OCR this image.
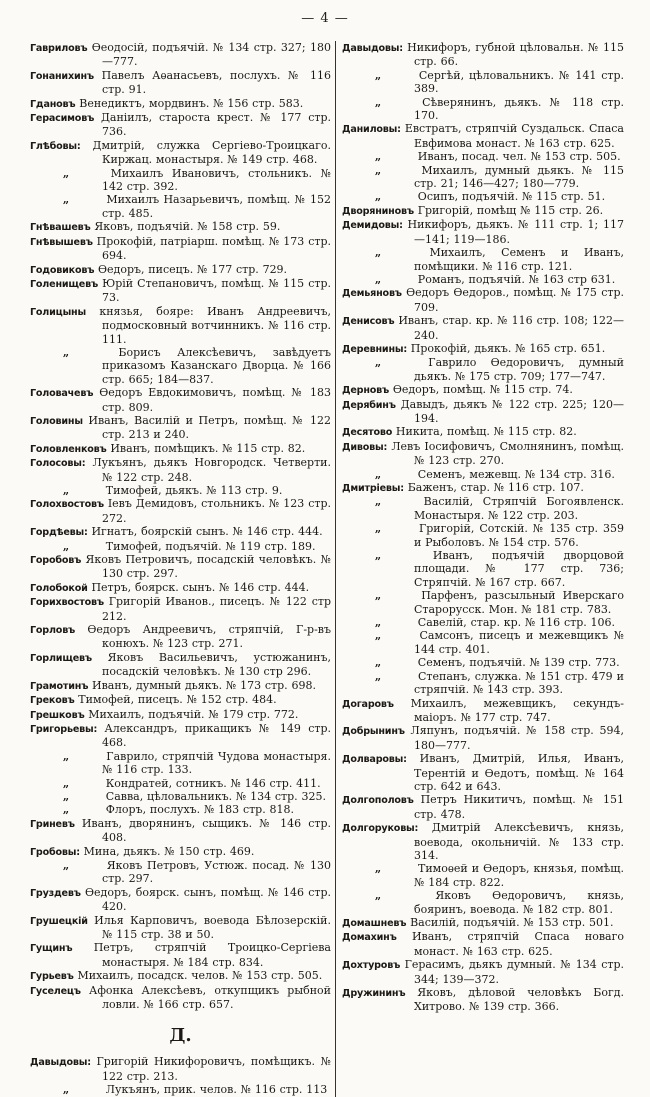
— 4 —

Гавриловъ Ѳеодосій, подъячій. № 134 стр. 327; 180—777.

Гонанихинъ Павелъ Аѳанасьевъ, послухъ. № 116 стр. 91.

Гдановъ Венедиктъ, мордвинъ. № 156 стр. 583.

Герасимовъ Даніилъ, староста крест. № 177 стр. 736.

Глѣбовы: Дмитрій, служка Сергіево-Троицкаго. Киржац. монастыря. № 149 стр. 468.

„	Михаилъ Ивановичъ, стольникъ. № 142 стр. 392.

„	Михаилъ Назарьевичъ, помѣщ. № 152 стр. 485.

Гнѣвашевъ Яковъ, подъячій. № 158 стр. 59.

Гнѣвышевъ Прокофій, патріарш. помѣщ. № 173 стр. 694.

Годовиковъ Ѳедоръ, писецъ. № 177 стр. 729.

Голенищевъ Юрій Степановичъ, помѣщ. № 115 стр. 73.

Голицыны князья, бояре: Иванъ Андреевичъ, подмосковный вотчинникъ. № 116 стр. 111.

„	Борисъ Алексѣевичъ, завѣдуетъ приказомъ Казанскаго Дворца. № 166 стр. 665; 184—837.

Головачевъ Ѳедоръ Евдокимовичъ, помѣщ. № 183 стр. 809.

Головины Иванъ, Василій и Петръ, помѣщ. № 122 стр. 213 и 240.

Головленковъ Иванъ, помѣщикъ. № 115 стр. 82.

Голосовы: Лукъянъ, дьякъ Новгородск. Четверти. № 122 стр. 248.

„	Тимофей, дьякъ. № 113 стр. 9.

Голохвостовъ Іевъ Демидовъ, стольникъ. № 123 стр. 272.

Гордѣевы: Игнатъ, боярскій сынъ. № 146 стр. 444.

„	Тимофей, подъячій. № 119 стр. 189.

Горобовъ Яковъ Петровичъ, посадскій человѣкъ. № 130 стр. 297.

Голобокой Петръ, боярск. сынъ. № 146 стр. 444.

Горихвостовъ Григорій Иванов., писецъ. № 122 стр 212.

Горловъ Ѳедоръ Андреевичъ, стряпчій, Г-р-въ конюхъ. № 123 стр. 271.

Горлищевъ Яковъ Васильевичъ, устюжанинъ, посадскій человѣкъ. № 130 стр 296.

Грамотинъ Иванъ, думный дьякъ. № 173 стр. 698.

Грековъ Тимофей, писецъ. № 152 стр. 484.

Грешковъ Михаилъ, подъячій. № 179 стр. 772.

Григорьевы: Александръ, прикащикъ № 149 стр. 468.

„	Гаврило, стряпчій Чудова монастыря. № 116 стр. 133.

„	Кондратей, сотникъ. № 146 стр. 411.

„	Савва, цѣловальникъ. № 134 стр. 325.

„	Флоръ, послухъ. № 183 стр. 818.

Гриневъ Иванъ, дворянинъ, сыщикъ. № 146 стр. 408.

Гробовы: Мина, дьякъ. № 150 стр. 469.

„	Яковъ Петровъ, Устюж. посад. № 130 стр. 297.

Груздевъ Ѳедоръ, боярск. сынъ, помѣщ. № 146 стр. 420.

Грушецкій Илья Карповичъ, воевода Бѣлозерскій. № 115 стр. 38 и 50.

Гущинъ Петръ, стряпчій Троицко-Сергіева монастыря. № 184 стр. 834.

Гурьевъ Михаилъ, посадск. челов. № 153 стр. 505.

Гуселецъ Афонка Алексѣевъ, откупщикъ рыбной ловли. № 166 стр. 657.

Д.

Давыдовы: Григорій Никифоровичъ, помѣщикъ. № 122 стр. 213.

„	Лукъянъ, прик. челов. № 116 стр. 113

Давыдовы: Никифоръ, губной цѣловальн. № 115 стр. 66.

„	Сергѣй, цѣловальникъ. № 141 стр. 389.

„	Сѣверянинъ, дьякъ. № 118 стр. 170.

Даниловы: Евстратъ, стряпчій Суздальск. Спаса Евфимова монаст. № 163 стр. 625.

„	Иванъ, посад. чел. № 153 стр. 505.

„	Михаилъ, думный дьякъ. № 115 стр. 21; 146—427; 180—779.

„	Осипъ, подъячій. № 115 стр. 51.

Дворяниновъ Григорій, помѣщ № 115 стр. 26.

Демидовы: Никифоръ, дьякъ. № 111 стр. 1; 117—141; 119—186.

„	Михаилъ, Семенъ и Иванъ, помѣщики. № 116 стр. 121.

„	Романъ, подъячій. № 163 стр 631.

Демьяновъ Ѳедоръ Ѳедоров., помѣщ. № 175 стр. 709.

Денисовъ Иванъ, стар. кр. № 116 стр. 108; 122—240.

Деревнины: Прокофій, дьякъ. № 165 стр. 651.

„	Гаврило Ѳедоровичъ, думный дьякъ. № 175 стр. 709; 177—747.

Дерновъ Ѳедоръ, помѣщ. № 115 стр. 74.

Дерябинъ Давыдъ, дьякъ № 122 стр. 225; 120—194.

Десятово Никита, помѣщ. № 115 стр. 82.

Дивовы: Левъ Іосифовичъ, Смолнянинъ, помѣщ. № 123 стр. 270.

„	Семенъ, межевщ. № 134 стр. 316.

Дмитріевы: Баженъ, стар. № 116 стр. 107.

„	Василій, Стряпчій Богоявленск. Монастыря. № 122 стр. 203.

„	Григорій, Сотскій. № 135 стр. 359 и Рыболовъ. № 154 стр. 576.

„	Иванъ, подъячій дворцовой площади. № 177 стр. 736; Стряпчій. № 167 стр. 667.

„	Парфенъ, разсыльный Иверскаго Старорусск. Мон. № 181 стр. 783.

„	Савелій, стар. кр. № 116 стр. 106.

„	Самсонъ, писецъ и межевщикъ № 144 стр. 401.

„	Семенъ, подъячій. № 139 стр. 773.

„	Степанъ, служка. № 151 стр. 479 и стряпчій. № 143 стр. 393.

Догаровъ Михаилъ, межевщикъ, секундъ-маіоръ. № 177 стр. 747.

Добрынинъ Ляпунъ, подъячій. № 158 стр. 594, 180—777.

Долваровы: Иванъ, Дмитрій, Илья, Иванъ, Терентій и Ѳедотъ, помѣщ. № 164 стр. 642 и 643.

Долгополовъ Петръ Никитичъ, помѣщ. № 151 стр. 478.

Долгоруковы: Дмитрій Алексѣевичъ, князь, воевода, окольничій. № 133 стр. 314.

„	Тимоѳей и Ѳедоръ, князья, помѣщ. № 184 стр. 822.

„	Яковъ Ѳедоровичъ, князь, бояринъ, воевода. № 182 стр. 801.

Домашневъ Василій, подъячій. № 153 стр. 501.

Домахинъ Иванъ, стряпчій Спаса новаго монаст. № 163 стр. 625.

Дохтуровъ Герасимъ, дьякъ думный. № 134 стр. 344; 139—372.

Дружининъ Яковъ, дѣловой человѣкъ Богд. Хитрово. № 139 стр. 366.
